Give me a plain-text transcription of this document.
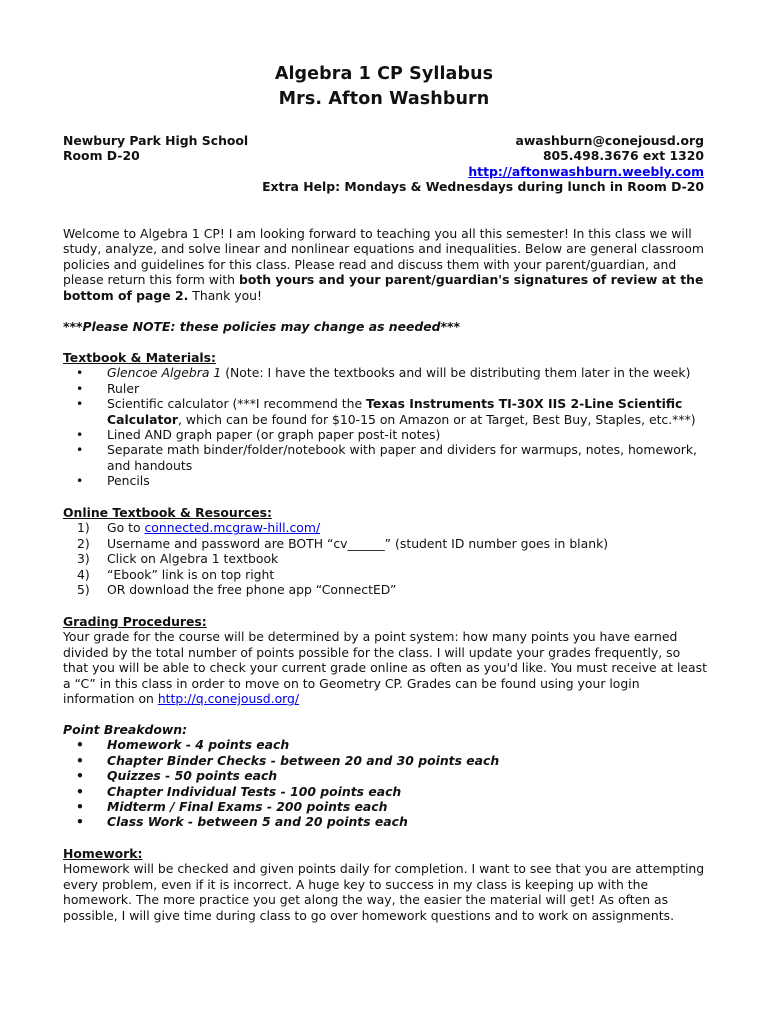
Algebra 1 CP Syllabus
Mrs. Afton Washburn
Newbury Park High School
Room D-20
awashburn@conejousd.org
805.498.3676 ext 1320
http://aftonwashburn.weebly.com
Extra Help: Mondays & Wednesdays during lunch in Room D-20

Welcome to Algebra 1 CP! I am looking forward to teaching you all this semester! In this class we will study, analyze, and solve linear and nonlinear equations and inequalities. Below are general classroom policies and guidelines for this class. Please read and discuss them with your parent/guardian, and please return this form with both yours and your parent/guardian's signatures of review at the bottom of page 2. Thank you!

***Please NOTE: these policies may change as needed***
Textbook & Materials:
• Glencoe Algebra 1 (Note: I have the textbooks and will be distributing them later in the week)
• Ruler
• Scientific calculator (***I recommend the Texas Instruments TI-30X IIS 2-Line Scientific Calculator, which can be found for $10-15 on Amazon or at Target, Best Buy, Staples, etc.***)
• Lined AND graph paper (or graph paper post-it notes)
• Separate math binder/folder/notebook with paper and dividers for warmups, notes, homework, and handouts
• Pencils
Online Textbook & Resources:
1) Go to connected.mcgraw-hill.com/
2) Username and password are BOTH “cv______” (student ID number goes in blank)
3) Click on Algebra 1 textbook
4) “Ebook” link is on top right
5) OR download the free phone app “ConnectED”
Grading Procedures:

Your grade for the course will be determined by a point system: how many points you have earned divided by the total number of points possible for the class. I will update your grades frequently, so that you will be able to check your current grade online as often as you'd like. You must receive at least a “C” in this class in order to move on to Geometry CP. Grades can be found using your login information on http://q.conejousd.org/

Point Breakdown:
• Homework - 4 points each
• Chapter Binder Checks - between 20 and 30 points each
• Quizzes - 50 points each
• Chapter Individual Tests - 100 points each
• Midterm / Final Exams - 200 points each
• Class Work - between 5 and 20 points each
Homework:

Homework will be checked and given points daily for completion. I want to see that you are attempting every problem, even if it is incorrect. A huge key to success in my class is keeping up with the homework. The more practice you get along the way, the easier the material will get! As often as possible, I will give time during class to go over homework questions and to work on assignments.
